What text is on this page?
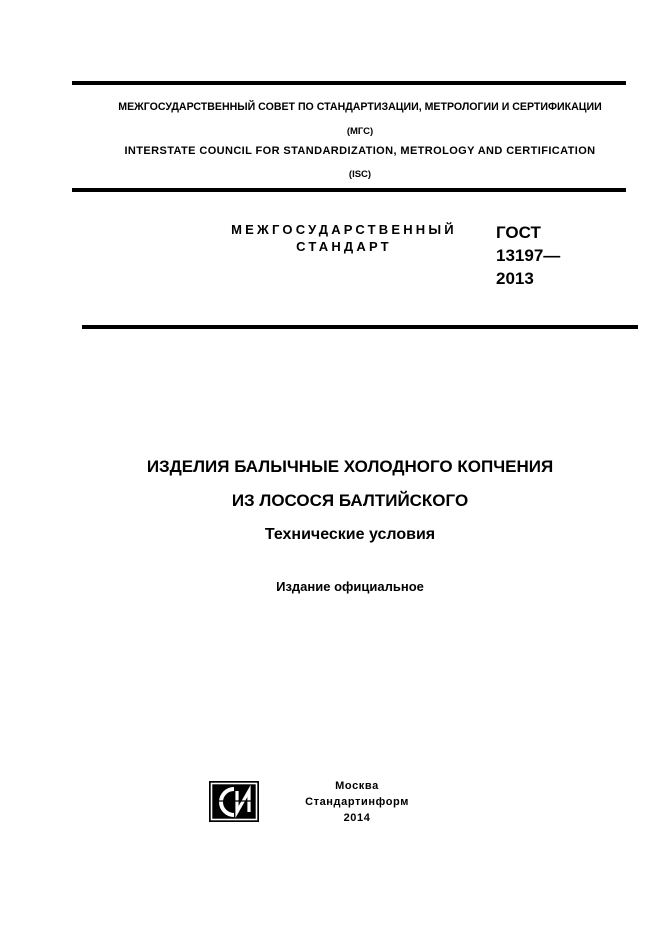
МЕЖГОСУДАРСТВЕННЫЙ СОВЕТ ПО СТАНДАРТИЗАЦИИ, МЕТРОЛОГИИ И СЕРТИФИКАЦИИ
(МГС)
INTERSTATE COUNCIL FOR STANDARDIZATION, METROLOGY AND CERTIFICATION
(ISC)
МЕЖГОСУДАРСТВЕННЫЙ
СТАНДАРТ
ГОСТ
13197—
2013
ИЗДЕЛИЯ БАЛЫЧНЫЕ ХОЛОДНОГО КОПЧЕНИЯ
ИЗ ЛОСОСЯ БАЛТИЙСКОГО
Технические условия
Издание официальное
Москва
Стандартинформ
2014
